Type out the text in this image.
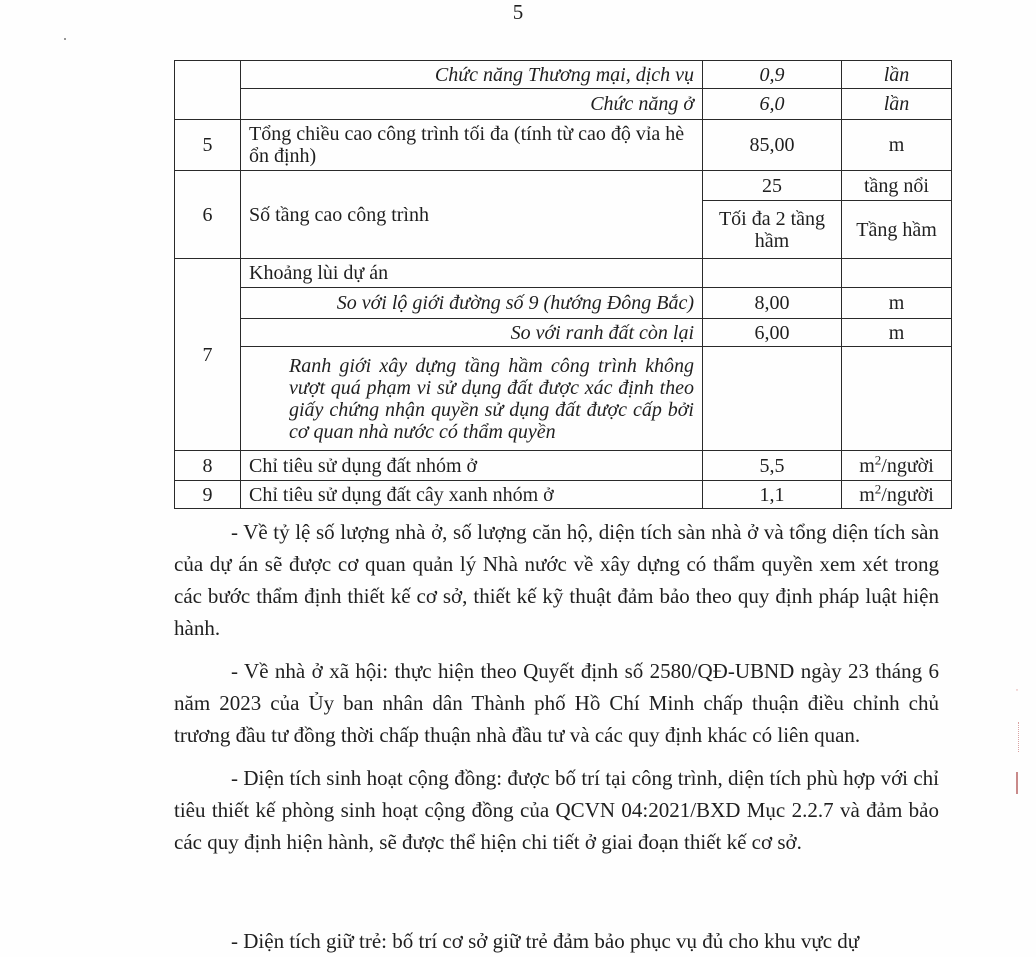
5
	Chức năng Thương mại, dịch vụ	0,9	lần
	Chức năng ở	6,0	lần
5	Tổng chiều cao công trình tối đa (tính từ cao độ vỉa hè ổn định)	85,00	m
6	Số tầng cao công trình	25	tầng nổi
		Tối đa 2 tầng hầm	Tầng hầm
7	Khoảng lùi dự án		
	So với lộ giới đường số 9 (hướng Đông Bắc)	8,00	m
	So với ranh đất còn lại	6,00	m
	Ranh giới xây dựng tầng hầm công trình không vượt quá phạm vi sử dụng đất được xác định theo giấy chứng nhận quyền sử dụng đất được cấp bởi cơ quan nhà nước có thẩm quyền		
8	Chỉ tiêu sử dụng đất nhóm ở	5,5	$m^2$/người
9	Chỉ tiêu sử dụng đất cây xanh nhóm ở	1,1	$m^2$/người

- Về tỷ lệ số lượng nhà ở, số lượng căn hộ, diện tích sàn nhà ở và tổng diện tích sàn của dự án sẽ được cơ quan quản lý Nhà nước về xây dựng có thẩm quyền xem xét trong các bước thẩm định thiết kế cơ sở, thiết kế kỹ thuật đảm bảo theo quy định pháp luật hiện hành.

- Về nhà ở xã hội: thực hiện theo Quyết định số 2580/QĐ-UBND ngày 23 tháng 6 năm 2023 của Ủy ban nhân dân Thành phố Hồ Chí Minh chấp thuận điều chỉnh chủ trương đầu tư đồng thời chấp thuận nhà đầu tư và các quy định khác có liên quan.

- Diện tích sinh hoạt cộng đồng: được bố trí tại công trình, diện tích phù hợp với chỉ tiêu thiết kế phòng sinh hoạt cộng đồng của QCVN 04:2021/BXD Mục 2.2.7 và đảm bảo các quy định hiện hành, sẽ được thể hiện chi tiết ở giai đoạn thiết kế cơ sở.

- Diện tích giữ trẻ: bố trí cơ sở giữ trẻ đảm bảo phục vụ đủ cho khu vực dự

·
